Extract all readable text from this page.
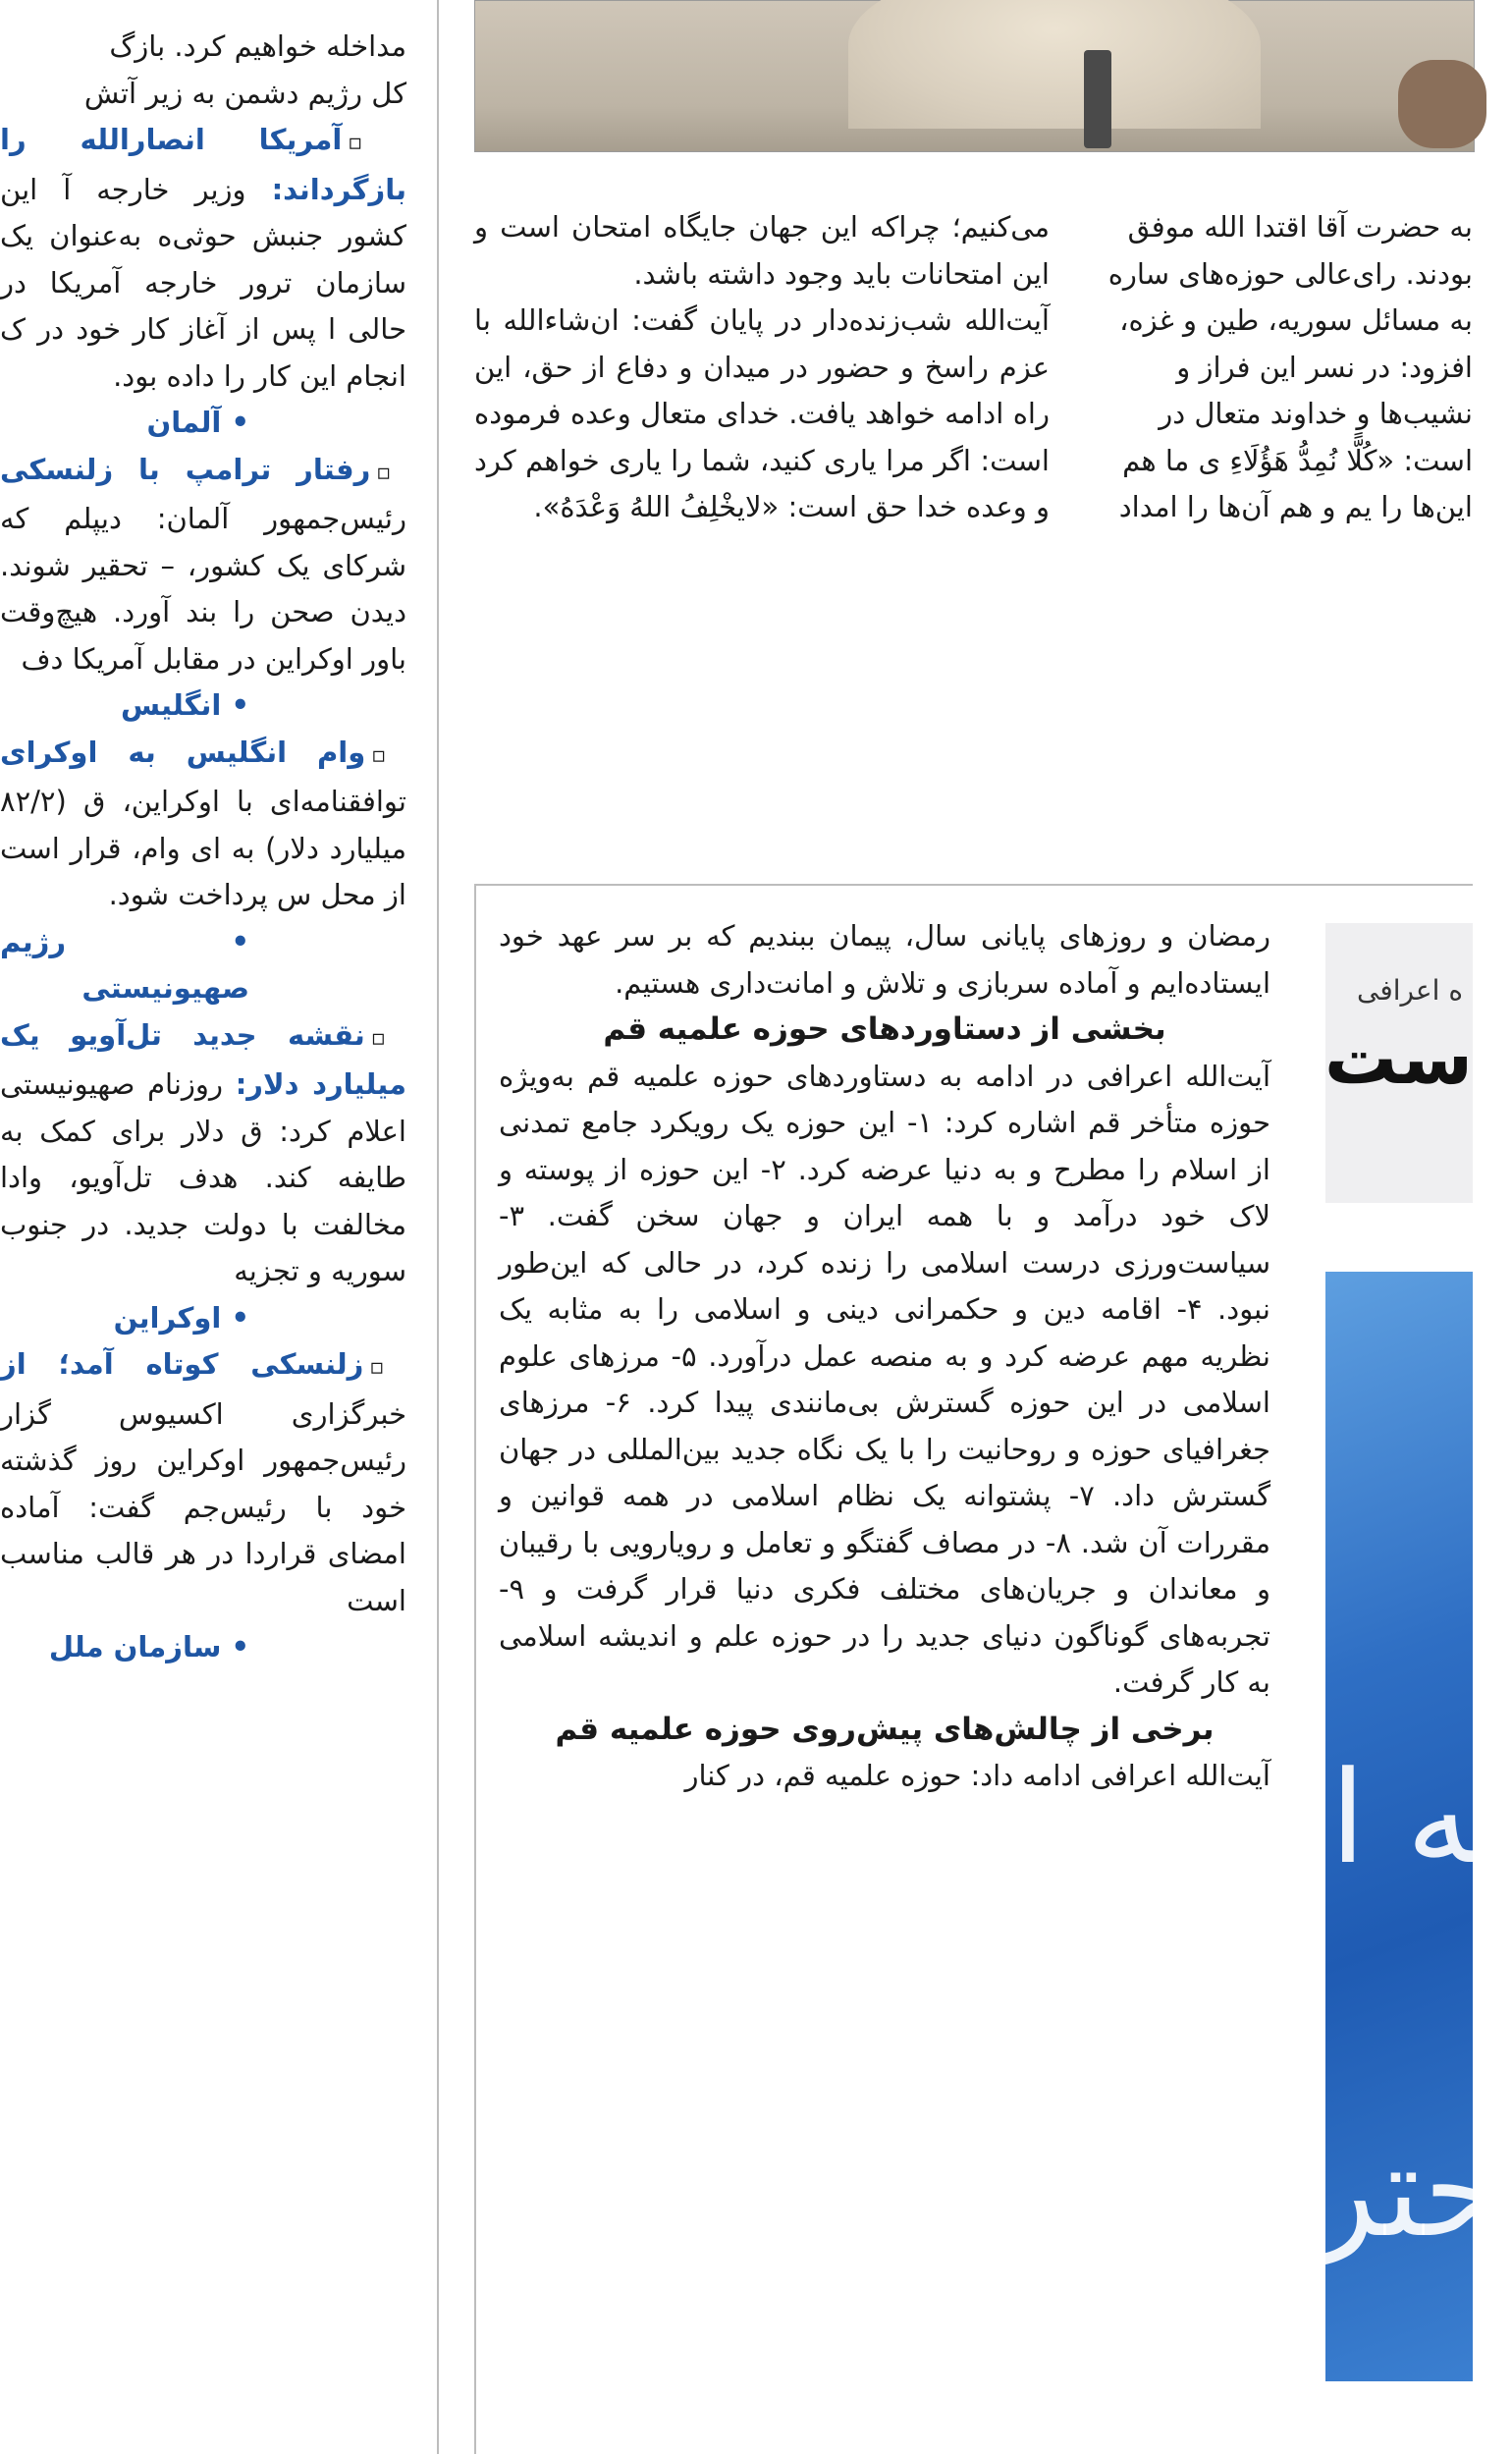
مداخله خواهیم کرد. بازگ

کل رژیم دشمن به زیر آتش

▫آمریکا انصارالله را بازگرداند: وزیر خارجه آ این کشور جنبش حوثی‌ه به‌عنوان یک سازمان ترور خارجه آمریکا در حالی ا پس از آغاز کار خود در ک انجام این کار را داده بود.

• آلمان

▫رفتار ترامپ با زلنسکی رئیس‌جمهور آلمان: دیپلم که شرکای یک کشور، – تحقیر شوند. دیدن صحن را بند آورد. هیچ‌وقت باور اوکراین در مقابل آمریکا دف

• انگلیس

▫وام انگلیس به اوکرای توافقنامه‌ای با اوکراین، ق (۸۲/۲ میلیارد دلار) به ای وام، قرار است از محل س پرداخت شود.

• رژیم صهیونیستی

▫نقشه جدید تل‌آویو یک میلیارد دلار: روزنام صهیونیستی اعلام کرد: ق دلار برای کمک به طایفه کند. هدف تل‌آویو، وادا مخالفت با دولت جدید. در جنوب سوریه و تجزیه

• اوکراین

▫زلنسکی کوتاه آمد؛ از خبرگزاری اکسیوس گزار رئیس‌جمهور اوکراین روز گذشته خود با رئیس‌جم گفت: آماده امضای قراردا در هر قالب مناسب است

• سازمان ملل

می‌کنیم؛ چراکه این جهان جایگاه امتحان است و این امتحانات باید وجود داشته باشد.

آیت‌الله شب‌زنده‌دار در پایان گفت: ان‌شاءالله با عزم راسخ و حضور در میدان و دفاع از حق، این راه ادامه خواهد یافت. خدای متعال وعده فرموده است: اگر مرا یاری کنید، شما را یاری خواهم کرد و وعده خدا حق است: «لایخْلِفُ اللهُ وَعْدَهُ».

به حضرت آقا اقتدا الله موفق بودند. رای‌عالی حوزه‌های ساره به مسائل سوریه، طین و غزه، افزود: در نسر این فراز و نشیب‌ها و خداوند متعال در است: «کُلًّا نُمِدُّ هَؤُلَاءِ ی ما هم این‌ها را یم و هم آن‌ها را امداد

رمضان و روزهای پایانی سال، پیمان ببندیم که بر سر عهد خود ایستاده‌ایم و آماده سربازی و تلاش و امانت‌داری هستیم.

بخشی از دستاوردهای حوزه علمیه قم

آیت‌الله اعرافی در ادامه به دستاوردهای حوزه علمیه قم به‌ویژه حوزه متأخر قم اشاره کرد: ۱- این حوزه یک رویکرد جامع تمدنی از اسلام را مطرح و به دنیا عرضه کرد. ۲- این حوزه از پوسته و لاک خود درآمد و با همه ایران و جهان سخن گفت. ۳- سیاست‌ورزی درست اسلامی را زنده کرد، در حالی که این‌طور نبود. ۴- اقامه دین و حکمرانی دینی و اسلامی را به مثابه یک نظریه مهم عرضه کرد و به منصه عمل درآورد. ۵- مرزهای علوم اسلامی در این حوزه گسترش بی‌مانندی پیدا کرد. ۶- مرزهای جغرافیای حوزه و روحانیت را با یک نگاه جدید بین‌المللی در جهان گسترش داد. ۷- پشتوانه یک نظام اسلامی در همه قوانین و مقررات آن شد. ۸- در مصاف گفتگو و تعامل و رویارویی با رقیبان و معاندان و جریان‌های مختلف فکری دنیا قرار گرفت و ۹- تجربه‌های گوناگون دنیای جدید را در حوزه علم و اندیشه اسلامی به کار گرفت.

برخی از چالش‌های پیش‌روی حوزه علمیه قم

آیت‌الله اعرافی ادامه داد: حوزه علمیه قم، در کنار

ه اعرافی
ست
ـه ا
حتر
